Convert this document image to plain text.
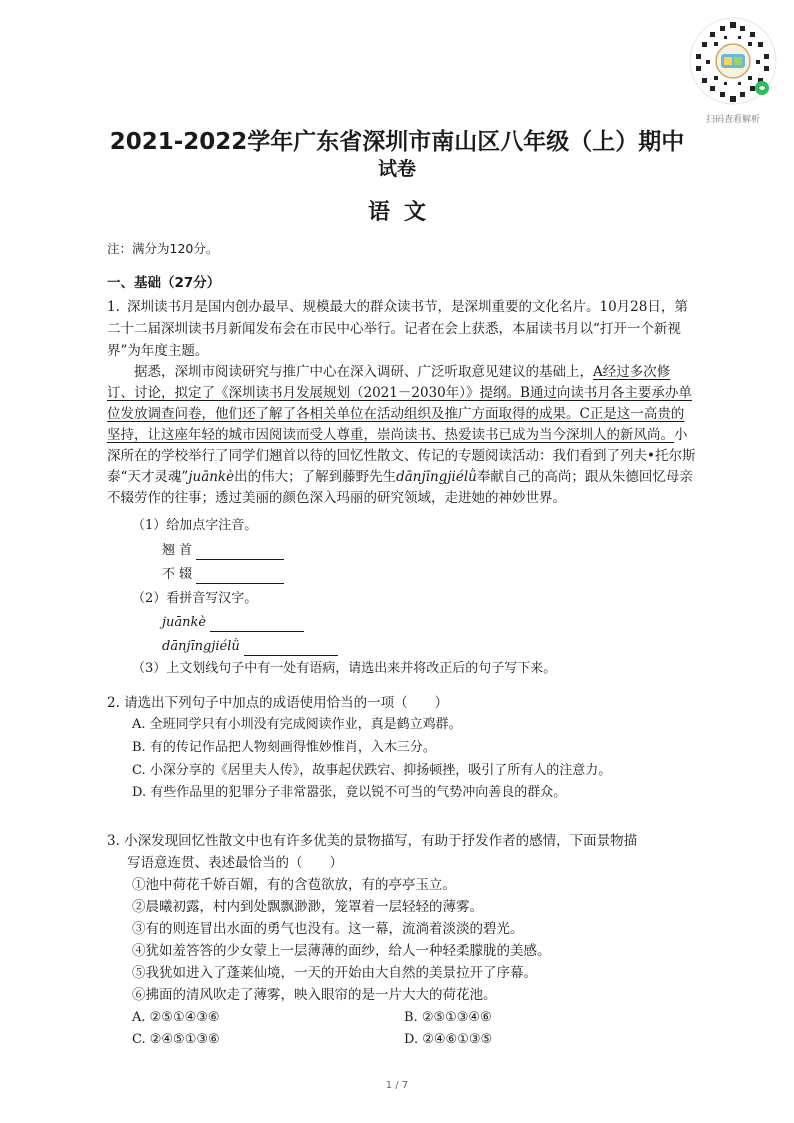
扫码查看解析
2021-2022学年广东省深圳市南山区八年级（上）期中
试卷
语文
注：满分为120分。
一、基础（27分）
1. 深圳读书月是国内创办最早、规模最大的群众读书节，是深圳重要的文化名片。10月28日，第二十二届深圳读书月新闻发布会在市民中心举行。记者在会上获悉，本届读书月以“打开一个新视界”为年度主题。
据悉，深圳市阅读研究与推广中心在深入调研、广泛听取意见建议的基础上，A经过多次修订、讨论，拟定了《深圳读书月发展规划（2021－2030年）》提纲。B通过向读书月各主要承办单位发放调查问卷，他们还了解了各相关单位在活动组织及推广方面取得的成果。C正是这一高贵的坚持，让这座年轻的城市因阅读而受人尊重，崇尚读书、热爱读书已成为当今深圳人的新风尚。小深所在的学校举行了同学们翘首以待的回忆性散文、传记的专题阅读活动：我们看到了列夫•托尔斯泰“天才灵魂”juānkè出的伟大；了解到藤野先生dānjīngjiélǜ奉献自己的高尚；跟从朱德回忆母亲不辍劳作的往事；透过美丽的颜色深入玛丽的研究领域，走进她的神妙世界。
（1）给加点字注音。
翘 首
不 辍
（2）看拼音写汉字。
juānkè
dānjīngjiélǜ
（3）上文划线句子中有一处有语病，请选出来并将改正后的句子写下来。
2. 请选出下列句子中加点的成语使用恰当的一项（　　）
A. 全班同学只有小圳没有完成阅读作业，真是鹤立鸡群。
B. 有的传记作品把人物刻画得惟妙惟肖，入木三分。
C. 小深分享的《居里夫人传》，故事起伏跌宕、抑扬顿挫，吸引了所有人的注意力。
D. 有些作品里的犯罪分子非常嚣张，竟以锐不可当的气势冲向善良的群众。
3. 小深发现回忆性散文中也有许多优美的景物描写，有助于抒发作者的感情，下面景物描
写语意连贯、表述最恰当的（　　）
①池中荷花千娇百媚，有的含苞欲放，有的亭亭玉立。
②晨曦初露，村内到处飘飘渺渺，笼罩着一层轻轻的薄雾。
③有的则连冒出水面的勇气也没有。这一幕，流淌着淡淡的碧光。
④犹如羞答答的少女蒙上一层薄薄的面纱，给人一种轻柔朦胧的美感。
⑤我犹如进入了蓬莱仙境，一天的开始由大自然的美景拉开了序幕。
⑥拂面的清风吹走了薄雾，映入眼帘的是一片大大的荷花池。
A. ②⑤①④③⑥	B. ②⑤①③④⑥
C. ②④⑤①③⑥	D. ②④⑥①③⑤
1 / 7
